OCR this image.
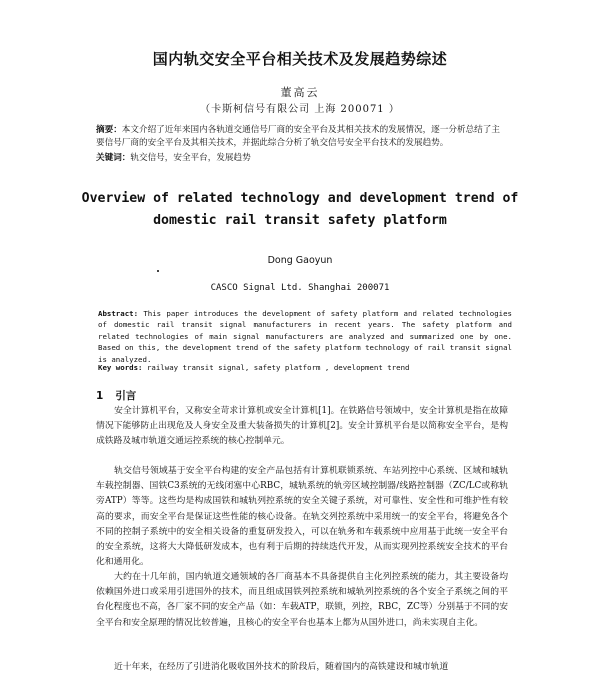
国内轨交安全平台相关技术及发展趋势综述
董高云
（卡斯柯信号有限公司 上海 200071 ）
摘要：本文介绍了近年来国内各轨道交通信号厂商的安全平台及其相关技术的发展情况，逐一分析总结了主要信号厂商的安全平台及其相关技术，并据此综合分析了轨交信号安全平台技术的发展趋势。
关键词：轨交信号，安全平台，发展趋势
Overview of related technology and development trend of
domestic rail transit safety platform
Dong Gaoyun
CASCO Signal Ltd. Shanghai 200071
Abstract: This paper introduces the development of safety platform and related technologies of domestic rail transit signal manufacturers in recent years. The safety platform and related technologies of main signal manufacturers are analyzed and summarized one by one. Based on this, the development trend of the safety platform technology of rail transit signal is analyzed.
Key words: railway transit signal, safety platform , development trend
1 引言
安全计算机平台，又称安全苛求计算机或安全计算机[1]。在铁路信号领域中，安全计算机是指在故障情况下能够防止出现危及人身安全及重大装备损失的计算机[2]。安全计算机平台是以简称安全平台，是构成铁路及城市轨道交通运控系统的核心控制单元。
轨交信号领域基于安全平台构建的安全产品包括有计算机联锁系统、车站列控中心系统、区域和城轨车载控制器、国铁C3系统的无线闭塞中心RBC，城轨系统的轨旁区域控制器/线路控制器（ZC/LC或称轨旁ATP）等等。这些均是构成国铁和城轨列控系统的安全关键子系统，对可靠性、安全性和可维护性有较高的要求，而安全平台是保证这些性能的核心设备。在轨交列控系统中采用统一的安全平台，将避免各个不同的控制子系统中的安全相关设备的重复研发投入，可以在轨务和车载系统中应用基于此统一安全平台的安全系统，这将大大降低研发成本，也有利于后期的持续迭代开发，从而实现列控系统安全技术的平台化和通用化。
大约在十几年前，国内轨道交通领域的各厂商基本不具备提供自主化列控系统的能力，其主要设备均依赖国外进口或采用引进国外的技术，而且组成国铁列控系统和城轨列控系统的各个安全子系统之间的平台化程度也不高，各厂家不同的安全产品（如：车载ATP，联锁，列控，RBC，ZC等）分别基于不同的安全平台和安全原理的情况比较普遍，且核心的安全平台也基本上都为从国外进口，尚未实现自主化。
近十年来，在经历了引进消化吸收国外技术的阶段后，随着国内的高铁建设和城市轨道
